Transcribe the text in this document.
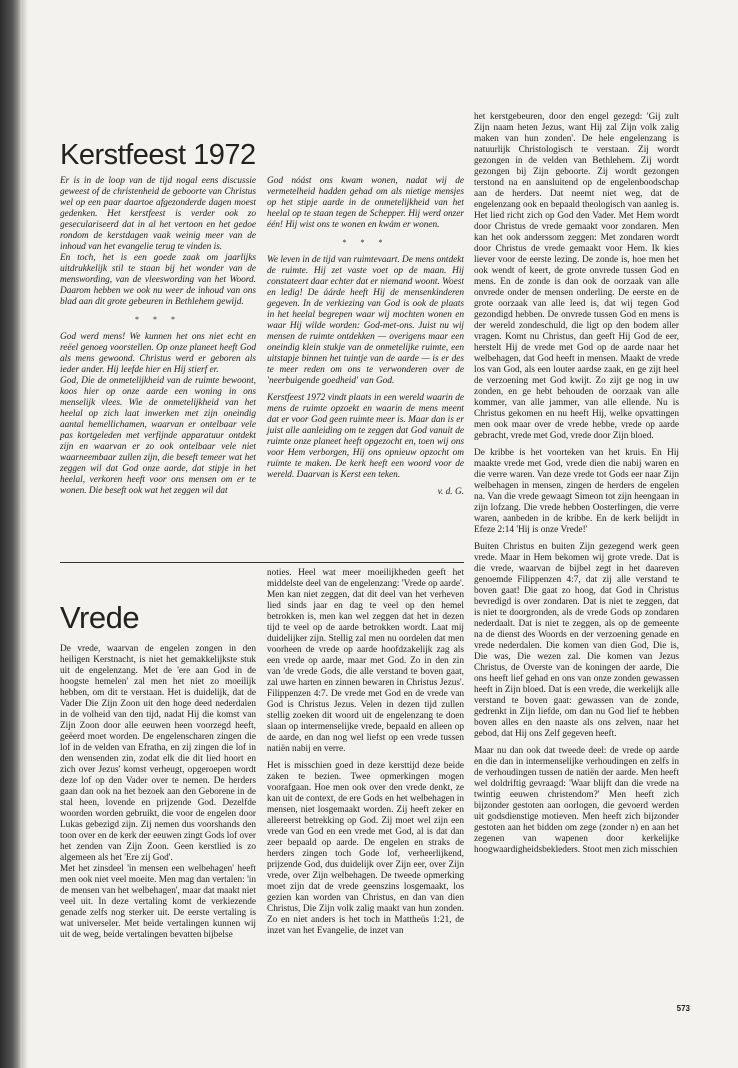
Kerstfeest 1972

Er is in de loop van de tijd nogal eens discussie geweest of de christenheid de geboorte van Christus wel op een paar daartoe afgezonderde dagen moest gedenken. Het kerstfeest is verder ook zo geseculariseerd dat in al het vertoon en het gedoe rondom de kerstdagen vaak weinig meer van de inhoud van het evangelie terug te vinden is.

En toch, het is een goede zaak om jaarlijks uitdrukkelijk stil te staan bij het wonder van de menswording, van de vleeswording van het Woord. Daarom hebben we ook nu weer de inhoud van ons blad aan dit grote gebeuren in Bethlehem gewijd.

* * *

God werd mens! We kunnen het ons niet echt en reëel genoeg voorstellen. Op onze planeet heeft God als mens gewoond. Christus werd er geboren als ieder ander. Hij leefde hier en Hij stierf er.

God, Die de onmetelijkheid van de ruimte bewoont, koos hier op onze aarde een woning in ons menselijk vlees. Wie de onmetelijkheid van het heelal op zich laat inwerken met zijn oneindig aantal hemellichamen, waarvan er ontelbaar vele pas kortgeleden met verfijnde apparatuur ontdekt zijn en waarvan er zo ook ontelbaar vele niet waarneembaar zullen zijn, die beseft temeer wat het zeggen wil dat God onze aarde, dat stipje in het heelal, verkoren heeft voor ons mensen om er te wonen. Die beseft ook wat het zeggen wil dat

God nóást ons kwam wonen, nadat wij de vermetelheid hadden gehad om als nietige mensjes op het stipje aarde in de onmetelijkheid van het heelal op te staan tegen de Schepper. Hij werd onzer één! Hij wist ons te wonen en kwám er wonen.

* * *

We leven in de tijd van ruimtevaart. De mens ontdekt de ruimte. Hij zet vaste voet op de maan. Hij constateert daar echter dat er niemand woont. Woest en ledig! De áárde heeft Hij de mensenkinderen gegeven. In de verkiezing van God is ook de plaats in het heelal begrepen waar wij mochten wonen en waar Hij wilde worden: God-met-ons. Juist nu wij mensen de ruimte ontdekken — overigens maar een oneindig klein stukje van de onmetelijke ruimte, een uitstapje binnen het tuintje van de aarde — is er des te meer reden om ons te verwonderen over de 'neerbuigende goedheid' van God.

Kerstfeest 1972 vindt plaats in een wereld waarin de mens de ruimte opzoekt en waarin de mens meent dat er voor God geen ruimte meer is. Maar dan is er juist alle aanleiding om te zeggen dat God vanuit de ruimte onze planeet heeft opgezocht en, toen wij ons voor Hem verborgen, Hij ons opnieuw opzocht om ruimte te maken. De kerk heeft een woord voor de wereld. Daarvan is Kerst een teken.

v. d. G.
Vrede

De vrede, waarvan de engelen zongen in den heiligen Kerstnacht, is niet het gemakkelijkste stuk uit de engelenzang. Met de 'ere aan God in de hoogste hemelen' zal men het niet zo moeilijk hebben, om dit te verstaan. Het is duidelijk, dat de Vader Die Zijn Zoon uit den hoge deed nederdalen in de volheid van den tijd, nadat Hij die komst van Zijn Zoon door alle eeuwen heen voorzegd heeft, geëerd moet worden. De engelenscharen zingen die lof in de velden van Efratha, en zij zingen die lof in den wensenden zin, zodat elk die dit lied hoort en zich over Jezus' komst verheugt, opgeroepen wordt deze lof op den Vader over te nemen. De herders gaan dan ook na het bezoek aan den Geborene in de stal heen, lovende en prijzende God. Dezelfde woorden worden gebruikt, die voor de engelen door Lukas gebezigd zijn. Zij nemen dus voorshands den toon over en de kerk der eeuwen zingt Gods lof over het zenden van Zijn Zoon. Geen kerstlied is zo algemeen als het 'Ere zij God'.

Met het zinsdeel 'in mensen een welbehagen' heeft men ook niet veel moeite. Men mag dan vertalen: 'in de mensen van het welbehagen', maar dat maakt niet veel uit. In deze vertaling komt de verkiezende genade zelfs nog sterker uit. De eerste vertaling is wat universeler. Met beide vertalingen kunnen wij uit de weg, beide vertalingen bevatten bijbelse

noties. Heel wat meer moeilijkheden geeft het middelste deel van de engelenzang: 'Vrede op aarde'. Men kan niet zeggen, dat dit deel van het verheven lied sinds jaar en dag te veel op den hemel betrokken is, men kan wel zeggen dat het in dezen tijd te veel op de aarde betrokken wordt. Laat mij duidelijker zijn. Stellig zal men nu oordelen dat men voorheen de vrede op aarde hoofdzakelijk zag als een vrede op aarde, maar met God. Zo in den zin van 'de vrede Gods, die alle verstand te boven gaat, zal uwe harten en zinnen bewaren in Christus Jezus'. Filippenzen 4:7. De vrede met God en de vrede van God is Christus Jezus. Velen in dezen tijd zullen stellig zoeken dit woord uit de engelenzang te doen slaan op intermenselijke vrede, bepaald en alleen op de aarde, en dan nog wel liefst op een vrede tussen natiën nabij en verre.

Het is misschien goed in deze kersttijd deze beide zaken te bezien. Twee opmerkingen mogen voorafgaan. Hoe men ook over den vrede denkt, ze kan uit de context, de ere Gods en het welbehagen in mensen, niet losgemaakt worden. Zij heeft zeker en allereerst betrekking op God. Zij moet wel zijn een vrede van God en een vrede met God, al is dat dan zeer bepaald op aarde. De engelen en straks de herders zingen toch Gode lof, verheerlijkend, prijzende God, dus duidelijk over Zijn eer, over Zijn vrede, over Zijn welbehagen. De tweede opmerking moet zijn dat de vrede geenszins losgemaakt, los gezien kan worden van Christus, en dan van dien Christus, Die Zijn volk zalig maakt van hun zonden. Zo en niet anders is het toch in Mattheüs 1:21, de inzet van het Evangelie, de inzet van

het kerstgebeuren, door den engel gezegd: 'Gij zult Zijn naam heten Jezus, want Hij zal Zijn volk zalig maken van hun zonden'. De hele engelenzang is natuurlijk Christologisch te verstaan. Zij wordt gezongen in de velden van Bethlehem. Zij wordt gezongen bij Zijn geboorte. Zij wordt gezongen terstond na en aansluitend op de engelenboodschap aan de herders. Dat neemt niet weg, dat de engelenzang ook en bepaald theologisch van aanleg is. Het lied richt zich op God den Vader. Met Hem wordt door Christus de vrede gemaakt voor zondaren. Men kan het ook anderssom zeggen: Met zondaren wordt door Christus de vrede gemaakt voor Hem. Ik kies liever voor de eerste lezing. De zonde is, hoe men het ook wendt of keert, de grote onvrede tussen God en mens. En de zonde is dan ook de oorzaak van alle onvrede onder de mensen onderling. De eerste en de grote oorzaak van alle leed is, dat wij tegen God gezondigd hebben. De onvrede tussen God en mens is der wereld zondeschuld, die ligt op den bodem aller vragen. Komt nu Christus, dan geeft Hij God de eer, herstelt Hij de vrede met God op de aarde naar het welbehagen, dat God heeft in mensen. Maakt de vrede los van God, als een louter aardse zaak, en ge zijt heel de verzoening met God kwijt. Zo zijt ge nog in uw zonden, en ge hebt behouden de oorzaak van alle kommer, van alle jammer, van alle ellende. Nu is Christus gekomen en nu heeft Hij, welke opvattingen men ook maar over de vrede hebbe, vrede op aarde gebracht, vrede met God, vrede door Zijn bloed.

De kribbe is het voorteken van het kruis. En Hij maakte vrede met God, vrede dien die nabij waren en die verre waren. Van deze vrede tot Gods eer naar Zijn welbehagen in mensen, zingen de herders de engelen na. Van die vrede gewaagt Simeon tot zijn heengaan in zijn lofzang. Die vrede hebben Oosterlingen, die verre waren, aanbeden in de kribbe. En de kerk belijdt in Efeze 2:14 'Hij is onze Vrede!'

Buiten Christus en buiten Zijn gezegend werk geen vrede. Maar in Hem bekomen wij grote vrede. Dat is die vrede, waarvan de bijbel zegt in het daareven genoemde Filippenzen 4:7, dat zij alle verstand te boven gaat! Die gaat zo hoog, dat God in Christus bevredigd is over zondaren. Dat is niet te zeggen, dat is niet te doorgronden, als de vrede Gods op zondaren nederdaalt. Dat is niet te zeggen, als op de gemeente na de dienst des Woords en der verzoening genade en vrede nederdalen. Die komen van dien God, Die is, Die was, Die wezen zal. Die komen van Jezus Christus, de Overste van de koningen der aarde, Die ons heeft lief gehad en ons van onze zonden gewassen heeft in Zijn bloed. Dat is een vrede, die werkelijk alle verstand te boven gaat: gewassen van de zonde, gedrenkt in Zijn liefde, om dan nu God lief te hebben boven alles en den naaste als ons zelven, naar het gebod, dat Hij ons Zelf gegeven heeft.

Maar nu dan ook dat tweede deel: de vrede op aarde en die dan in intermenselijke verhoudingen en zelfs in de verhoudingen tussen de natiën der aarde. Men heeft wel doldriftig gevraagd: 'Waar blijft dan die vrede na twintig eeuwen christendom?' Men heeft zich bijzonder gestoten aan oorlogen, die gevoerd werden uit godsdienstige motieven. Men heeft zich bijzonder gestoten aan het bidden om zege (zonder n) en aan het zegenen van wapenen door kerkelijke hoogwaardigheidsbekleders. Stoot men zich misschien

573
